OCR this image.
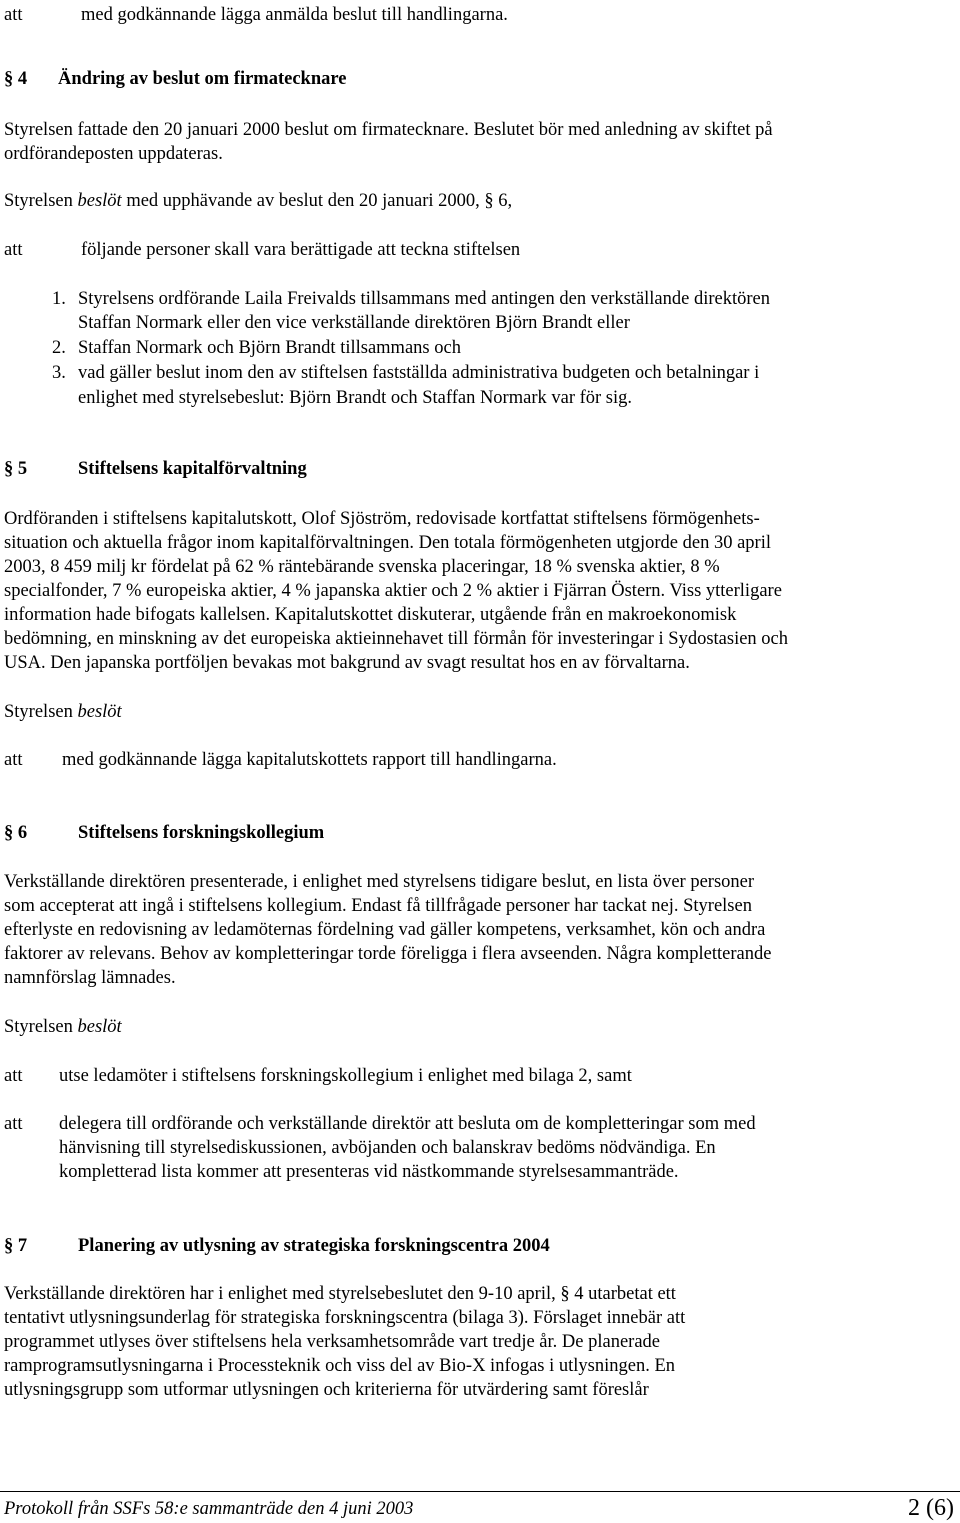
att	med godkännande lägga anmälda beslut till handlingarna.
§ 4 Ändring av beslut om firmatecknare
Styrelsen fattade den 20 januari 2000 beslut om firmatecknare. Beslutet bör med anledning av skiftet på
ordförandeposten uppdateras.
Styrelsen beslöt med upphävande av beslut den 20 januari 2000, § 6,
att	följande personer skall vara berättigade att teckna stiftelsen
1. Styrelsens ordförande Laila Freivalds tillsammans med antingen den verkställande direktören
Staffan Normark eller den vice verkställande direktören Björn Brandt eller
2. Staffan Normark och Björn Brandt tillsammans och
3. vad gäller beslut inom den av stiftelsen fastställda administrativa budgeten och betalningar i
enlighet med styrelsebeslut: Björn Brandt och Staffan Normark var för sig.
§ 5	Stiftelsens kapitalförvaltning
Ordföranden i stiftelsens kapitalutskott, Olof Sjöström, redovisade kortfattat stiftelsens förmögenhets-
situation och aktuella frågor inom kapitalförvaltningen. Den totala förmögenheten utgjorde den 30 april
2003, 8 459 milj kr fördelat på 62 % räntebärande svenska placeringar, 18 % svenska aktier, 8 %
specialfonder, 7 % europeiska aktier, 4 % japanska aktier och 2 % aktier i Fjärran Östern. Viss ytterligare
information hade bifogats kallelsen. Kapitalutskottet diskuterar, utgående från en makroekonomisk
bedömning, en minskning av det europeiska aktieinnehavet till förmån för investeringar i Sydostasien och
USA. Den japanska portföljen bevakas mot bakgrund av svagt resultat hos en av förvaltarna.
Styrelsen beslöt
att med godkännande lägga kapitalutskottets rapport till handlingarna.
§ 6	Stiftelsens forskningskollegium
Verkställande direktören presenterade, i enlighet med styrelsens tidigare beslut, en lista över personer
som accepterat att ingå i stiftelsens kollegium. Endast få tillfrågade personer har tackat nej. Styrelsen
efterlyste en redovisning av ledamöternas fördelning vad gäller kompetens, verksamhet, kön och andra
faktorer av relevans. Behov av kompletteringar torde föreligga i flera avseenden. Några kompletterande
namnförslag lämnades.
Styrelsen beslöt
att utse ledamöter i stiftelsens forskningskollegium i enlighet med bilaga 2, samt
att delegera till ordförande och verkställande direktör att besluta om de kompletteringar som med
hänvisning till styrelsediskussionen, avböjanden och balanskrav bedöms nödvändiga. En
kompletterad lista kommer att presenteras vid nästkommande styrelsesammanträde.
§ 7	Planering av utlysning av strategiska forskningscentra 2004
Verkställande direktören har i enlighet med styrelsebeslutet den 9-10 april, § 4 utarbetat ett
tentativt utlysningsunderlag för strategiska forskningscentra (bilaga 3). Förslaget innebär att
programmet utlyses över stiftelsens hela verksamhetsområde vart tredje år. De planerade
ramprogramsutlysningarna i Processteknik och viss del av Bio-X infogas i utlysningen. En
utlysningsgrupp som utformar utlysningen och kriterierna för utvärdering samt föreslår
Protokoll från SSFs 58:e sammanträde den 4 juni 2003	2 (6)
